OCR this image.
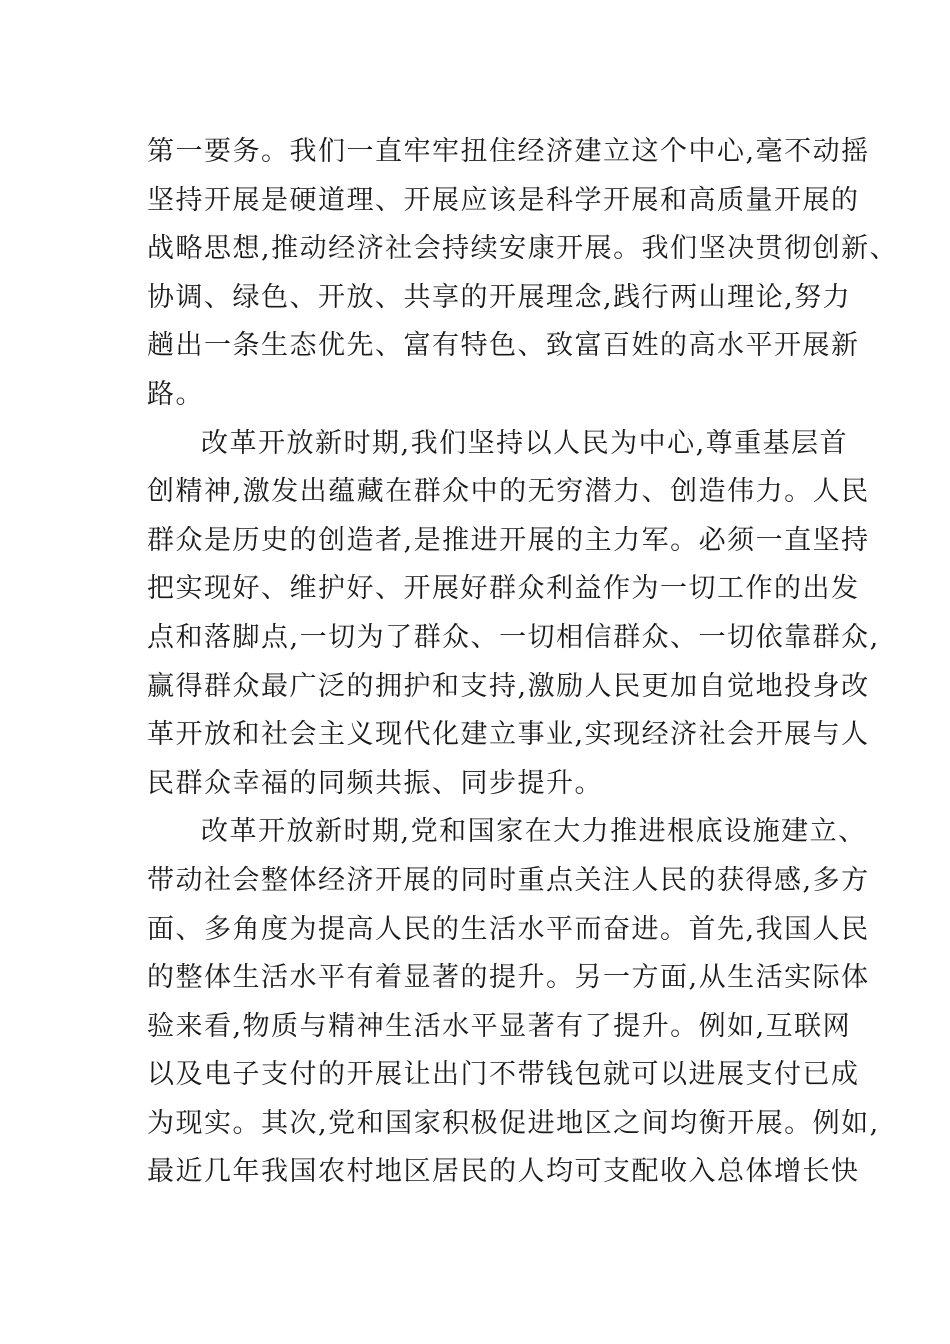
第一要务。我们一直牢牢扭住经济建立这个中心,毫不动摇
坚持开展是硬道理、开展应该是科学开展和高质量开展的
战略思想,推动经济社会持续安康开展。我们坚决贯彻创新、
协调、绿色、开放、共享的开展理念,践行两山理论,努力
趟出一条生态优先、富有特色、致富百姓的高水平开展新
路。
改革开放新时期,我们坚持以人民为中心,尊重基层首
创精神,激发出蕴藏在群众中的无穷潜力、创造伟力。人民
群众是历史的创造者,是推进开展的主力军。必须一直坚持
把实现好、维护好、开展好群众利益作为一切工作的出发
点和落脚点,一切为了群众、一切相信群众、一切依靠群众,
赢得群众最广泛的拥护和支持,激励人民更加自觉地投身改
革开放和社会主义现代化建立事业,实现经济社会开展与人
民群众幸福的同频共振、同步提升。
改革开放新时期,党和国家在大力推进根底设施建立、
带动社会整体经济开展的同时重点关注人民的获得感,多方
面、多角度为提高人民的生活水平而奋进。首先,我国人民
的整体生活水平有着显著的提升。另一方面,从生活实际体
验来看,物质与精神生活水平显著有了提升。例如,互联网
以及电子支付的开展让出门不带钱包就可以进展支付已成
为现实。其次,党和国家积极促进地区之间均衡开展。例如,
最近几年我国农村地区居民的人均可支配收入总体增长快
